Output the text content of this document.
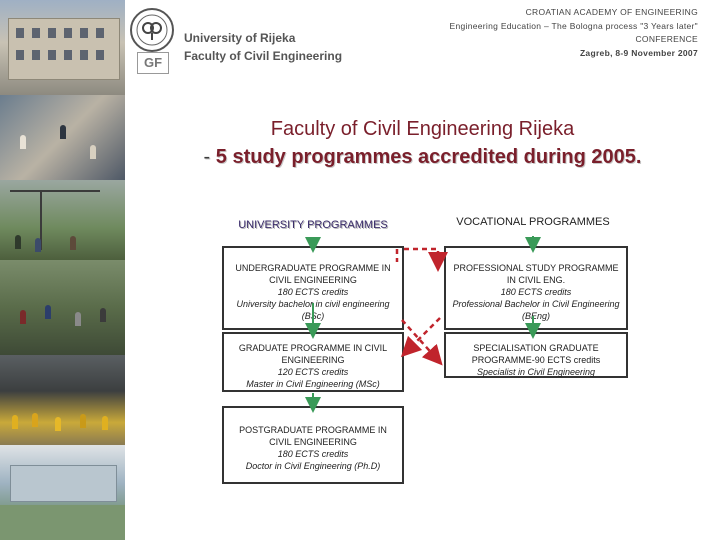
GF
University of Rijeka
Faculty of Civil Engineering
CROATIAN ACADEMY OF ENGINEERING
Engineering Education – The Bologna process "3 Years later"
CONFERENCE
Zagreb, 8-9 November 2007
Faculty of Civil Engineering Rijeka
- 5 study programmes accredited during 2005.
UNIVERSITY PROGRAMMES	VOCATIONAL PROGRAMMES
UNDERGRADUATE PROGRAMME IN CIVIL ENGINEERING
180 ECTS credits
University bachelor in civil engineering (BSc)
GRADUATE PROGRAMME IN CIVIL ENGINEERING
120 ECTS credits
Master in Civil Engineering (MSc)
POSTGRADUATE PROGRAMME IN CIVIL ENGINEERING
180 ECTS credits
Doctor in Civil Engineering (Ph.D)
PROFESSIONAL STUDY PROGRAMME IN CIVIL ENG.
180 ECTS credits
Professional Bachelor in Civil Engineering (BEng)
SPECIALISATION GRADUATE PROGRAMME-90 ECTS credits
Specialist in Civil Engineering
